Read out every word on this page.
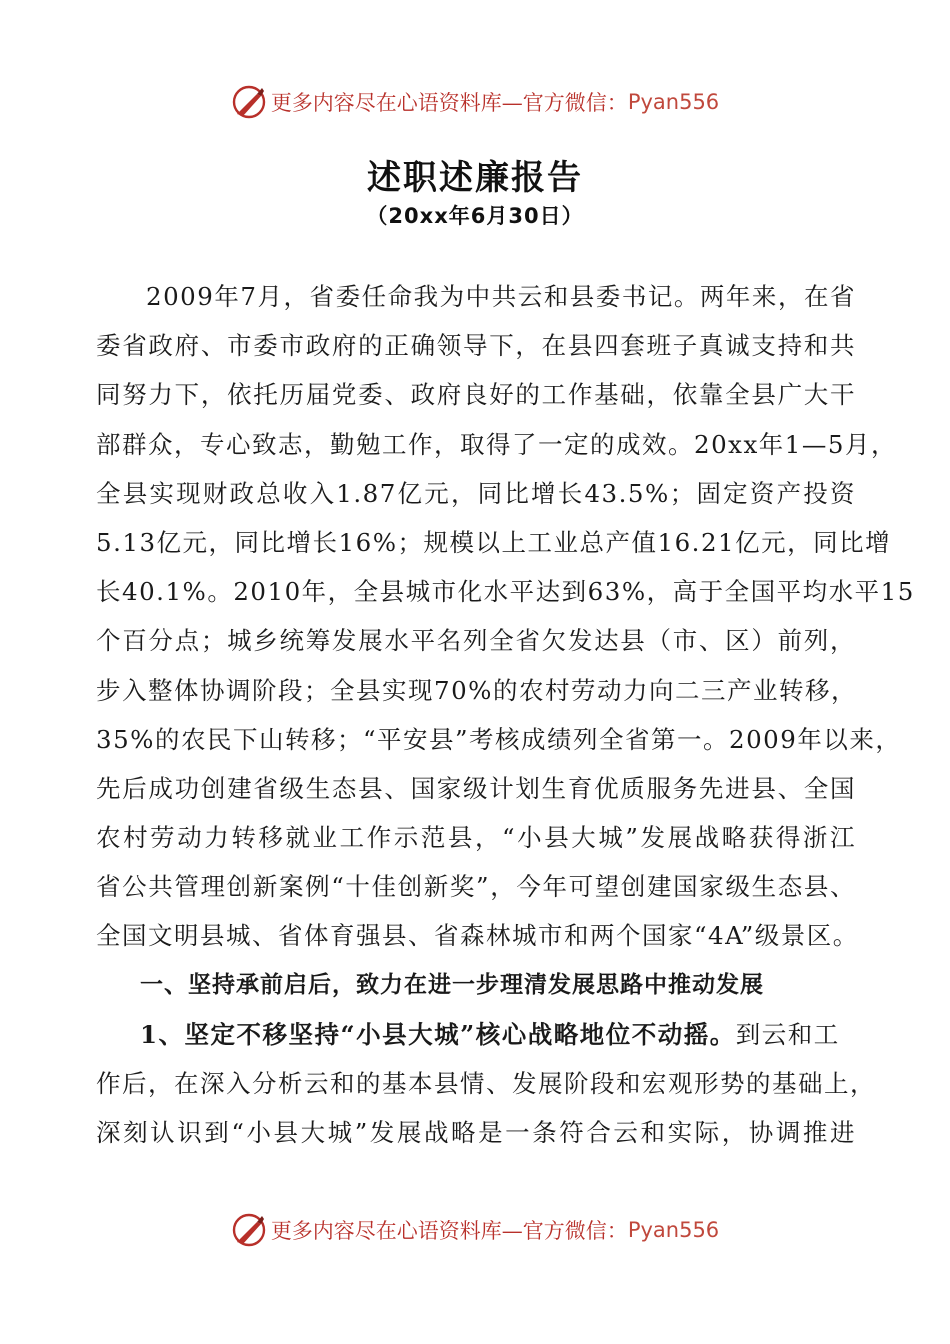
更多内容尽在心语资料库—官方微信： Pyan556
述职述廉报告
（20xx年6月30日）
2009年7月，省委任命我为中共云和县委书记。两年来，在省
委省政府、市委市政府的正确领导下，在县四套班子真诚支持和共
同努力下，依托历届党委、政府良好的工作基础，依靠全县广大干
部群众，专心致志，勤勉工作，取得了一定的成效。20xx年1—5月，
全县实现财政总收入1.87亿元，同比增长43.5%；固定资产投资
5.13亿元，同比增长16%；规模以上工业总产值16.21亿元，同比增
长40.1%。2010年，全县城市化水平达到63%，高于全国平均水平15
个百分点；城乡统筹发展水平名列全省欠发达县（市、区）前列，
步入整体协调阶段；全县实现70%的农村劳动力向二三产业转移，
35%的农民下山转移；“平安县”考核成绩列全省第一。2009年以来，
先后成功创建省级生态县、国家级计划生育优质服务先进县、全国
农村劳动力转移就业工作示范县，“小县大城”发展战略获得浙江
省公共管理创新案例“十佳创新奖”，今年可望创建国家级生态县、
全国文明县城、省体育强县、省森林城市和两个国家“4A”级景区。
一、坚持承前启后，致力在进一步理清发展思路中推动发展
1、坚定不移坚持“小县大城”核心战略地位不动摇。到云和工
作后，在深入分析云和的基本县情、发展阶段和宏观形势的基础上，
深刻认识到“小县大城”发展战略是一条符合云和实际，协调推进
更多内容尽在心语资料库—官方微信： Pyan556
